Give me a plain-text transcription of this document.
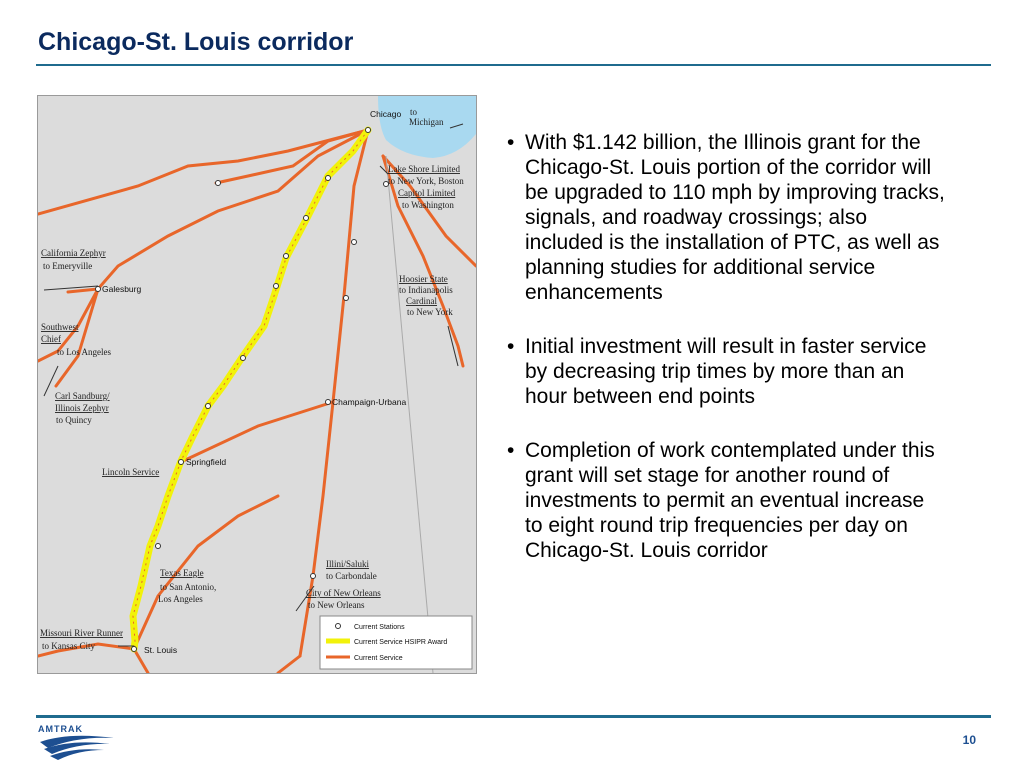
Chicago-St. Louis corridor
Chicago
Galesburg
Champaign-Urbana
Springfield
St. Louis
to
Michigan
Lake Shore Limited
to New York, Boston
Capitol Limited
to Washington
California Zephyr
to Emeryville
Southwest
Chief
to Los Angeles
Carl Sandburg/
Illinois Zephyr
to Quincy
Hoosier State
to Indianapolis
Cardinal
to New York
Lincoln Service
Texas Eagle
to San Antonio,
Los Angeles
Illini/Saluki
to Carbondale
City of New Orleans
to New Orleans
Missouri River Runner
to Kansas City
Current Stations
Current Service HSIPR Award
Current Service
• With $1.142 billion, the Illinois grant for the Chicago-St. Louis portion of the corridor will be upgraded to 110 mph by improving tracks, signals, and roadway crossings; also included is the installation of PTC, as well as planning studies for additional service enhancements
• Initial investment will result in faster service by decreasing trip times by more than an hour between end points
• Completion of work contemplated under this grant will set stage for another round of investments to permit an eventual increase to eight round trip frequencies per day on Chicago-St. Louis corridor
AMTRAK
10
